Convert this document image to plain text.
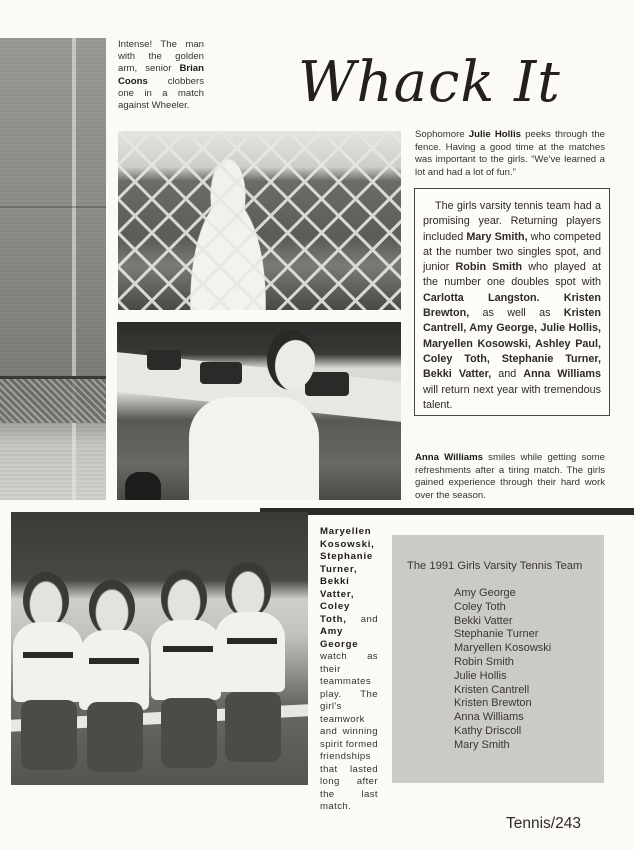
Intense! The man with the golden arm, senior Brian Coons clobbers one in a match against Wheeler. Whack It
Sophomore Julie Hollis peeks through the fence. Having a good time at the matches was important to the girls. “We've learned a lot and had a lot of fun.”
The girls varsity tennis team had a promising year. Returning players included Mary Smith, who competed at the number two singles spot, and junior Robin Smith who played at the number one doubles spot with Carlotta Langston. Kristen Brewton, as well as Kristen Cantrell, Amy George, Julie Hollis, Maryellen Kosowski, Ashley Paul, Coley Toth, Stephanie Turner, Bekki Vatter, and Anna Williams will return next year with tremendous talent.
Anna Williams smiles while getting some refreshments after a tiring match. The girls gained experience through their hard work over the season.
Maryellen Kosowski, Stephanie Turner, Bekki Vatter, Coley Toth, and Amy George watch as their teammates play. The girl's teamwork and winning spirit formed friendships that lasted long after the last match.
The 1991 Girls Varsity Tennis Team
Amy George
Coley Toth
Bekki Vatter
Stephanie Turner
Maryellen Kosowski
Robin Smith
Julie Hollis
Kristen Cantrell
Kristen Brewton
Anna Williams
Kathy Driscoll
Mary Smith
Tennis/243
